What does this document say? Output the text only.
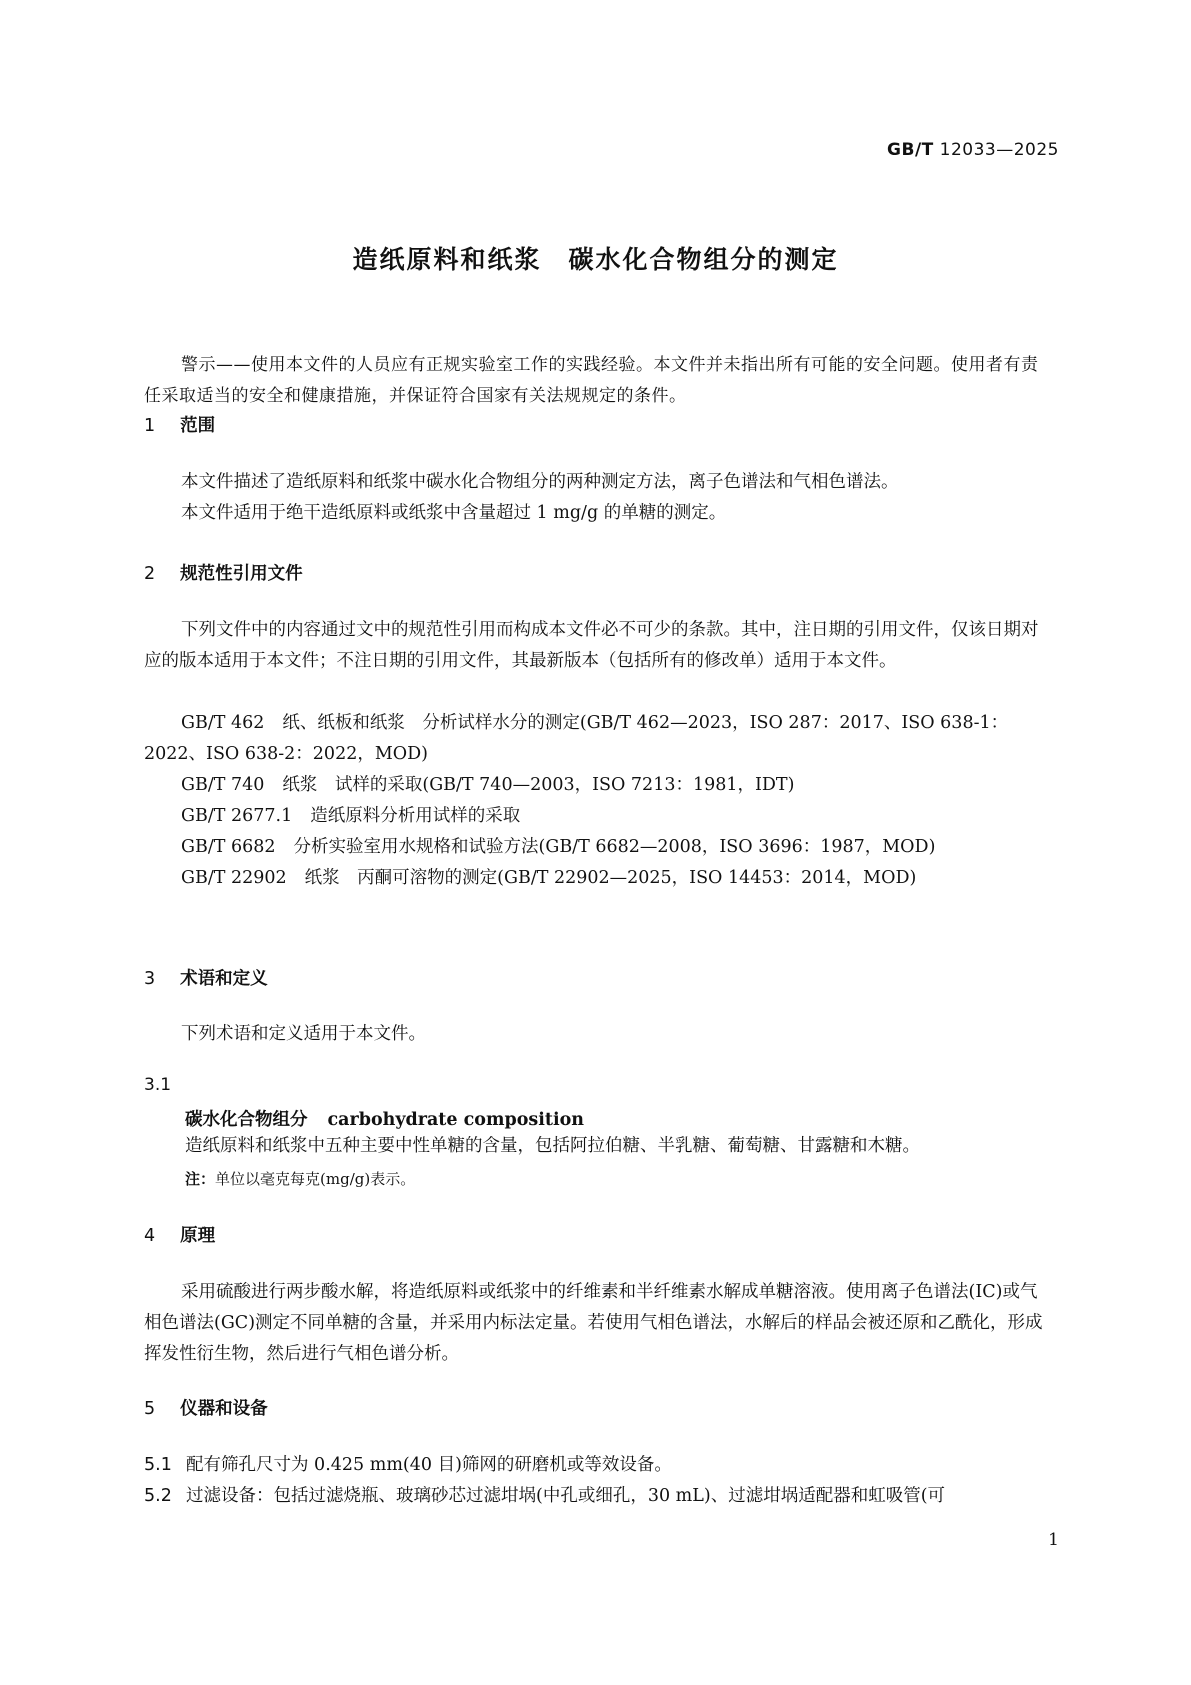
GB/T 12033—2025
造纸原料和纸浆　碳水化合物组分的测定

警示——使用本文件的人员应有正规实验室工作的实践经验。本文件并未指出所有可能的安全问题。使用者有责任采取适当的安全和健康措施，并保证符合国家有关法规规定的条件。

1 范围

本文件描述了造纸原料和纸浆中碳水化合物组分的两种测定方法，离子色谱法和气相色谱法。

本文件适用于绝干造纸原料或纸浆中含量超过 1 mg/g 的单糖的测定。

2 规范性引用文件

下列文件中的内容通过文中的规范性引用而构成本文件必不可少的条款。其中，注日期的引用文件，仅该日期对应的版本适用于本文件；不注日期的引用文件，其最新版本（包括所有的修改单）适用于本文件。

GB/T 462 纸、纸板和纸浆　分析试样水分的测定(GB/T 462—2023，ISO 287：2017、ISO 638-1：
2022、ISO 638-2：2022，MOD)
GB/T 740 纸浆　试样的采取(GB/T 740—2003，ISO 7213：1981，IDT)
GB/T 2677.1 造纸原料分析用试样的采取
GB/T 6682 分析实验室用水规格和试验方法(GB/T 6682—2008，ISO 3696：1987，MOD)
GB/T 22902 纸浆　丙酮可溶物的测定(GB/T 22902—2025，ISO 14453：2014，MOD)
3 术语和定义

下列术语和定义适用于本文件。

3.1
碳水化合物组分 carbohydrate composition

造纸原料和纸浆中五种主要中性单糖的含量，包括阿拉伯糖、半乳糖、葡萄糖、甘露糖和木糖。

注：单位以毫克每克(mg/g)表示。
4 原理

采用硫酸进行两步酸水解，将造纸原料或纸浆中的纤维素和半纤维素水解成单糖溶液。使用离子色谱法(IC)或气相色谱法(GC)测定不同单糖的含量，并采用内标法定量。若使用气相色谱法，水解后的样品会被还原和乙酰化，形成挥发性衍生物，然后进行气相色谱分析。

5 仪器和设备
5.1 配有筛孔尺寸为 0.425 mm(40 目)筛网的研磨机或等效设备。
5.2 过滤设备：包括过滤烧瓶、玻璃砂芯过滤坩埚(中孔或细孔，30 mL)、过滤坩埚适配器和虹吸管(可
1
